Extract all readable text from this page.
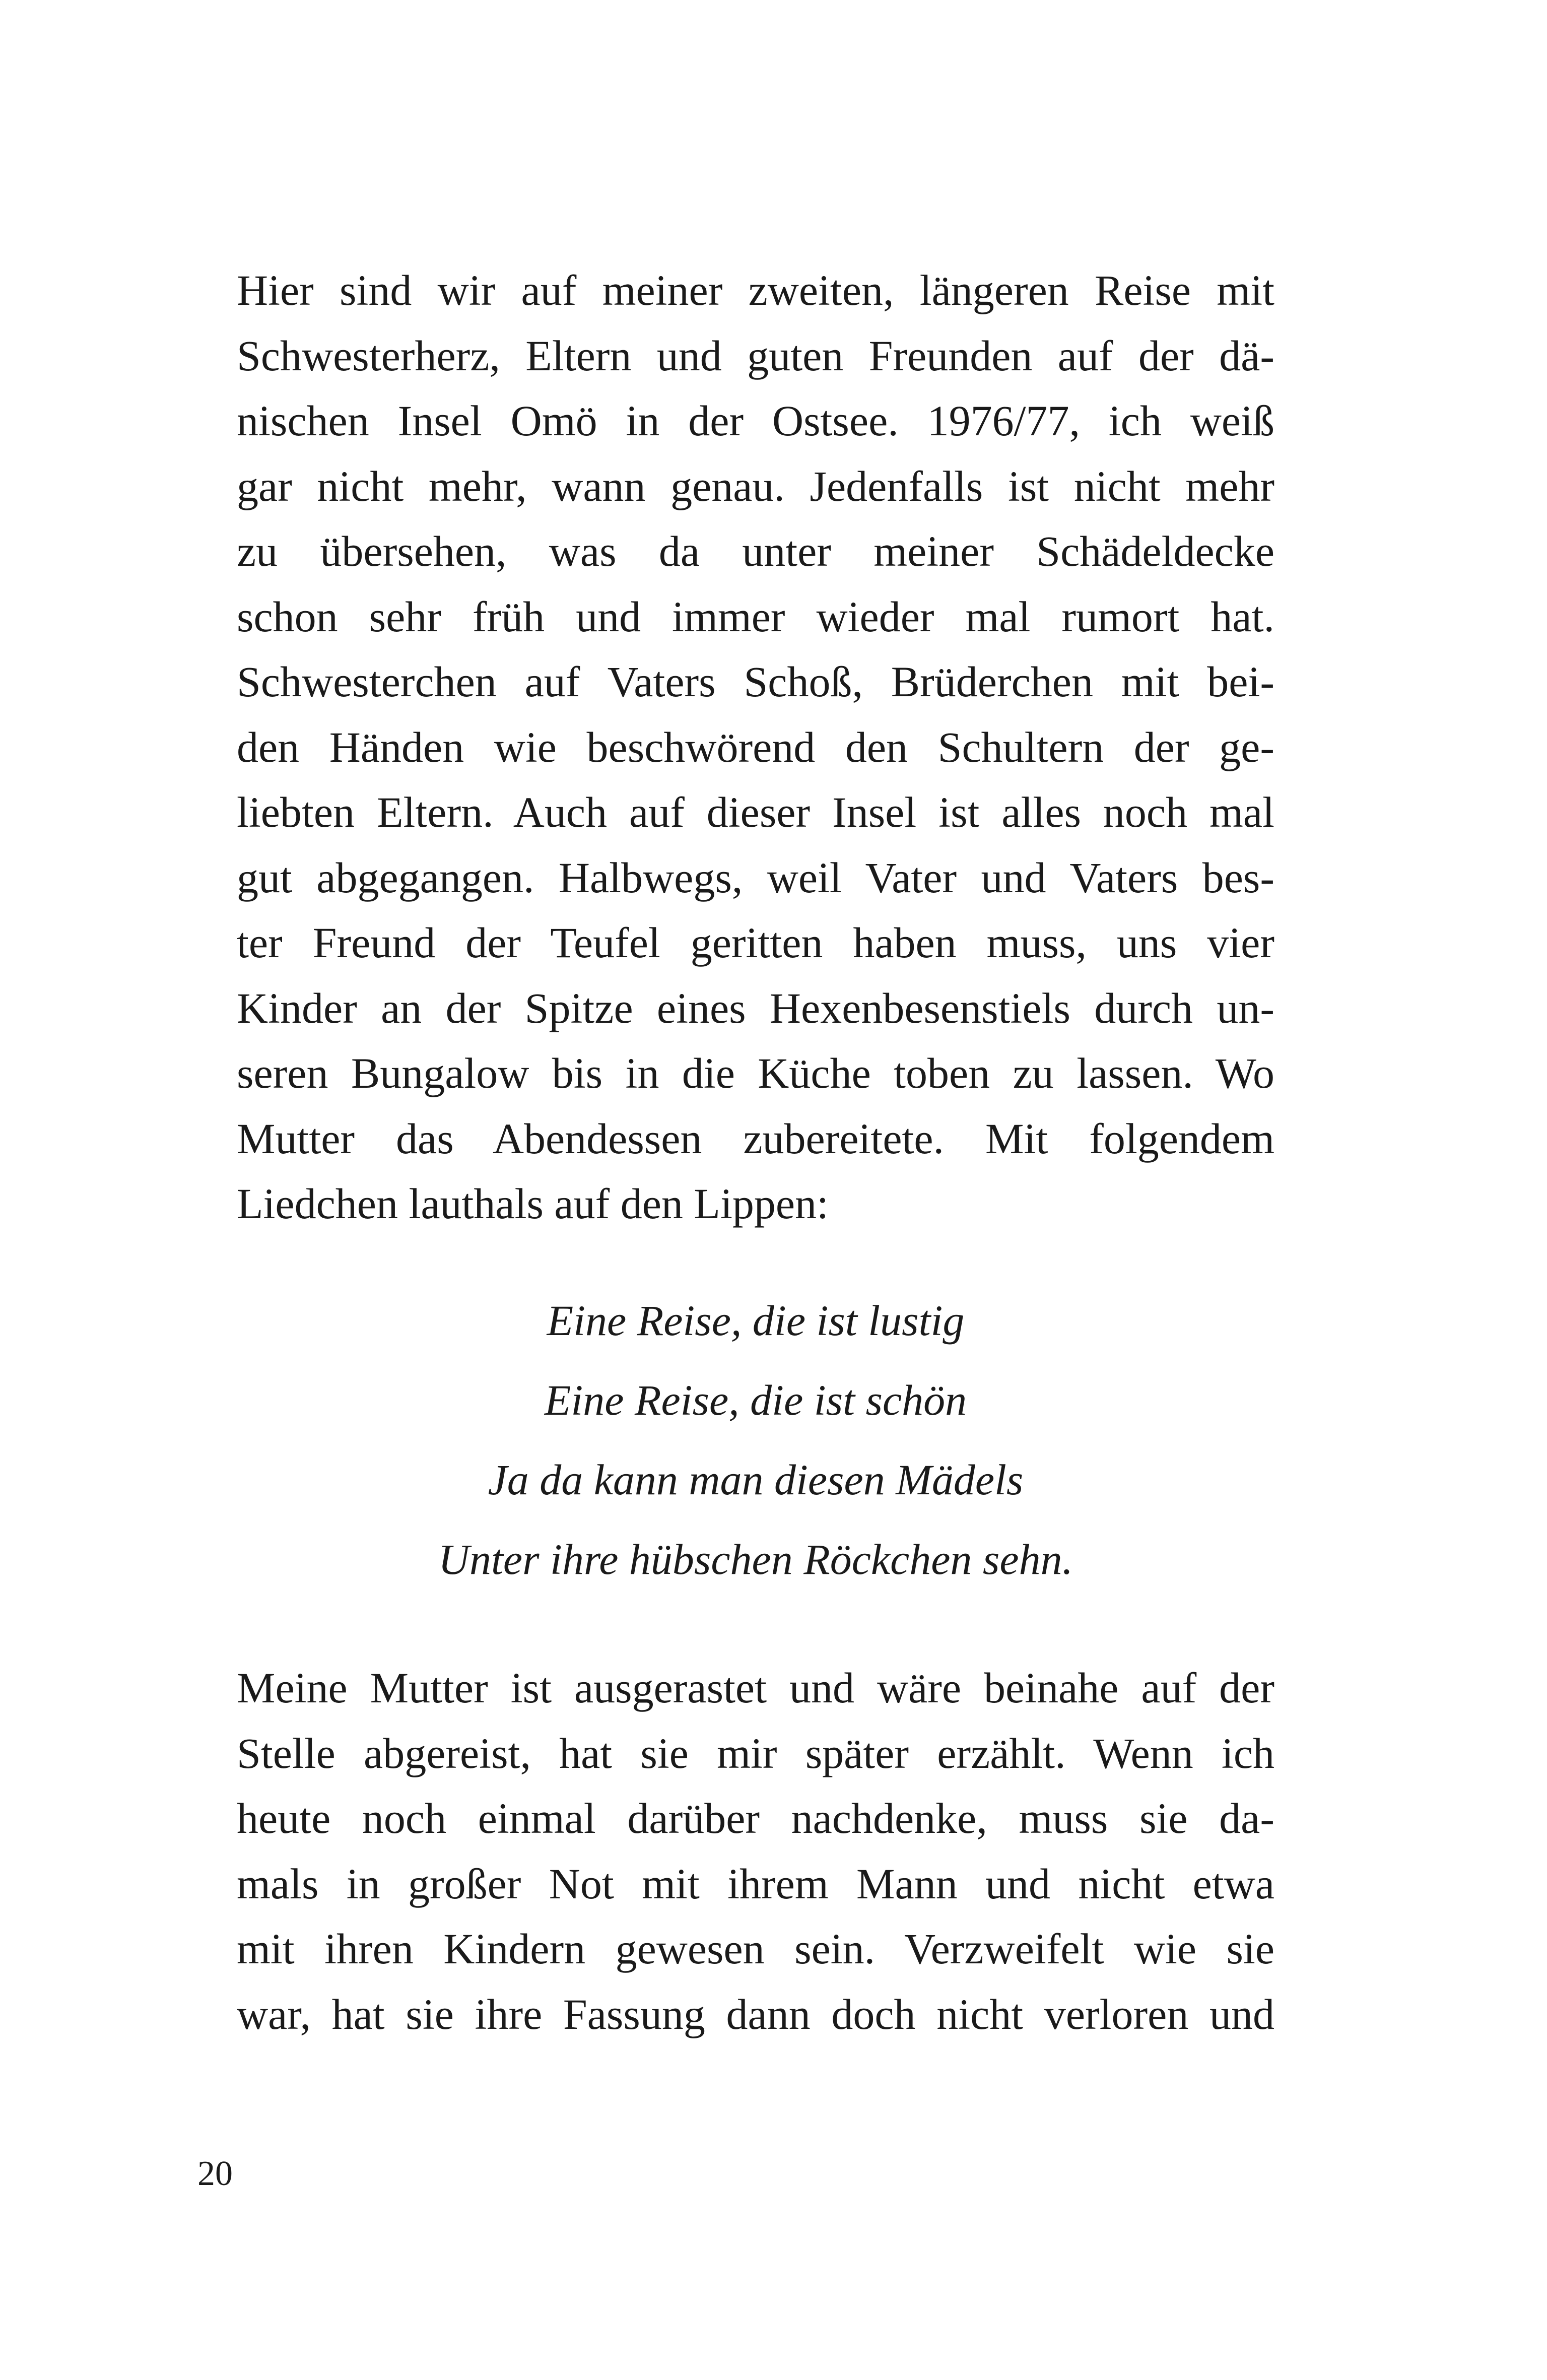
Hier sind wir auf meiner zweiten, längeren Reise mit
Schwesterherz, Eltern und guten Freunden auf der dä-
nischen Insel Omö in der Ostsee. 1976/77, ich weiß
gar nicht mehr, wann genau. Jedenfalls ist nicht mehr
zu übersehen, was da unter meiner Schädeldecke
schon sehr früh und immer wieder mal rumort hat.
Schwesterchen auf Vaters Schoß, Brüderchen mit bei-
den Händen wie beschwörend den Schultern der ge-
liebten Eltern. Auch auf dieser Insel ist alles noch mal
gut abgegangen. Halbwegs, weil Vater und Vaters bes-
ter Freund der Teufel geritten haben muss, uns vier
Kinder an der Spitze eines Hexenbesenstiels durch un-
seren Bungalow bis in die Küche toben zu lassen. Wo
Mutter das Abendessen zubereitete. Mit folgendem
Liedchen lauthals auf den Lippen:
Eine Reise, die ist lustig
Eine Reise, die ist schön
Ja da kann man diesen Mädels
Unter ihre hübschen Röckchen sehn.
Meine Mutter ist ausgerastet und wäre beinahe auf der
Stelle abgereist, hat sie mir später erzählt. Wenn ich
heute noch einmal darüber nachdenke, muss sie da-
mals in großer Not mit ihrem Mann und nicht etwa
mit ihren Kindern gewesen sein. Verzweifelt wie sie
war, hat sie ihre Fassung dann doch nicht verloren und
20
